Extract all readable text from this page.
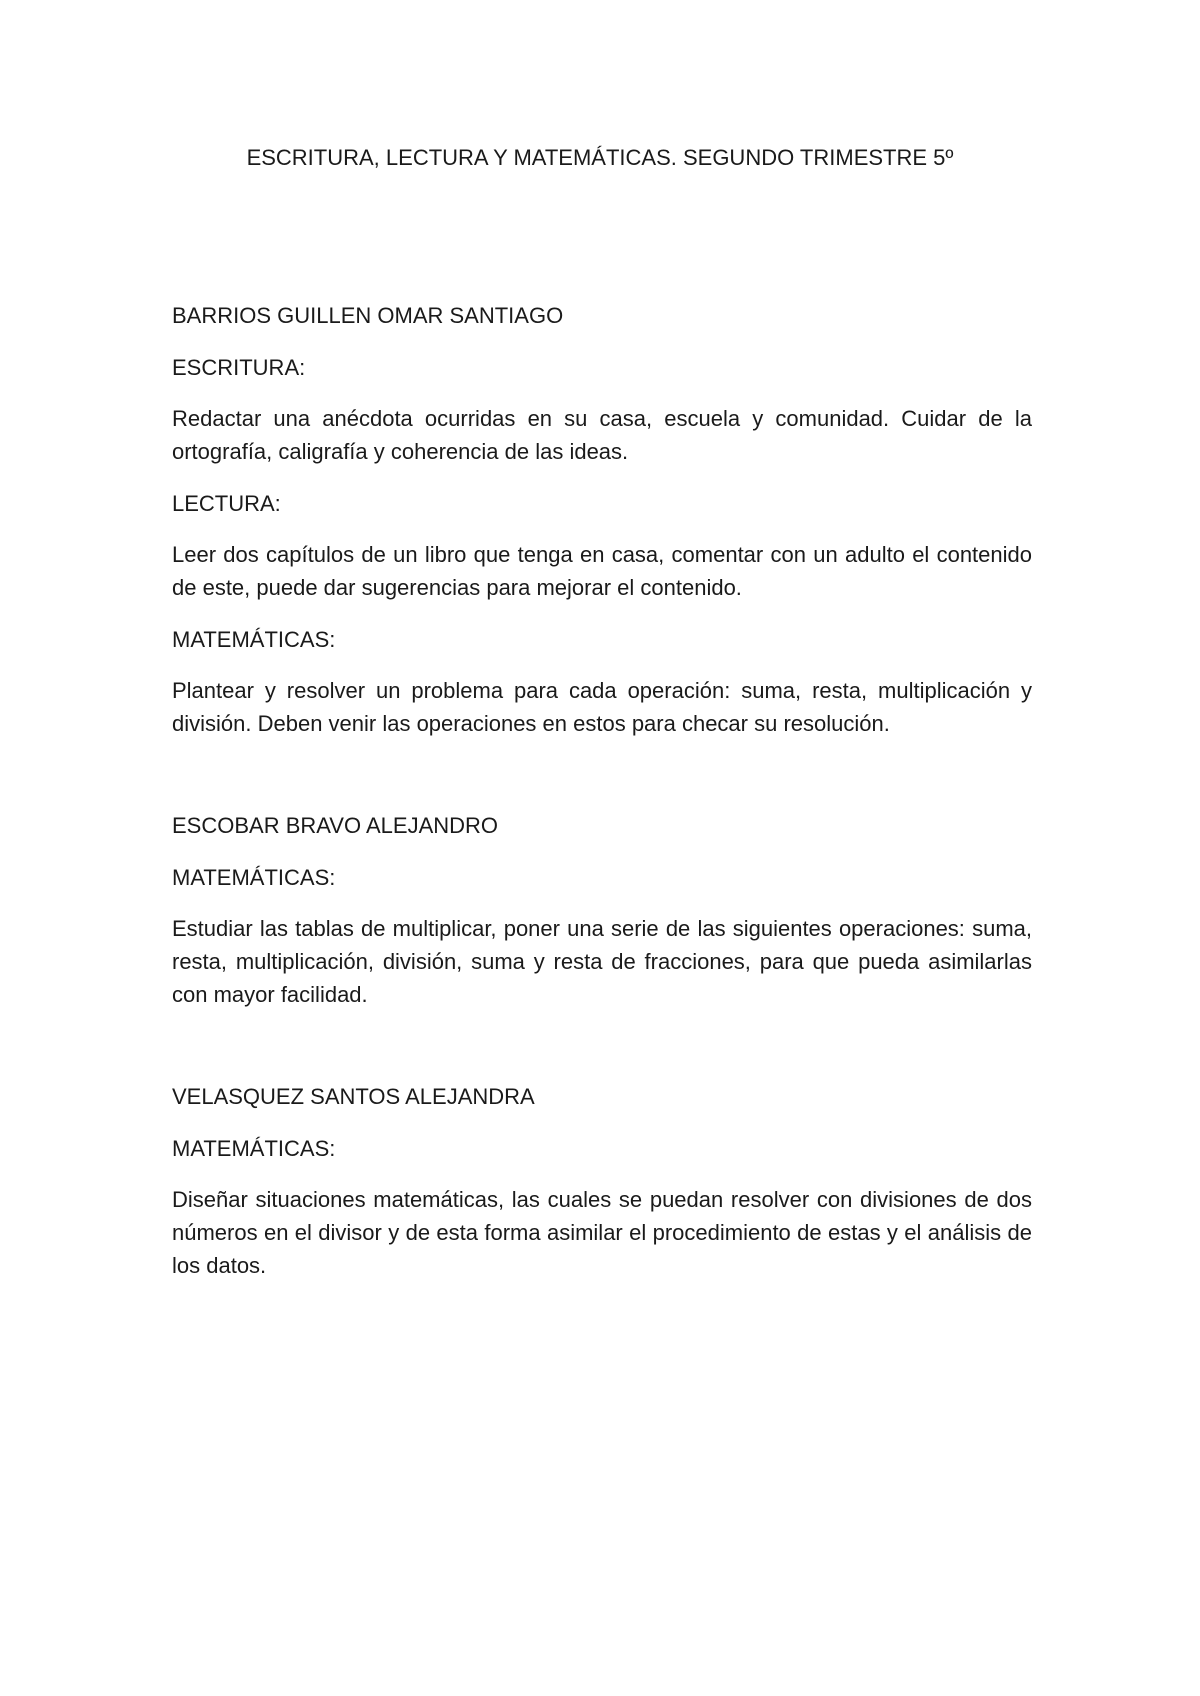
ESCRITURA, LECTURA Y MATEMÁTICAS. SEGUNDO TRIMESTRE 5º
BARRIOS GUILLEN OMAR SANTIAGO
ESCRITURA:

Redactar una anécdota ocurridas en su casa, escuela y comunidad. Cuidar de la ortografía, caligrafía y coherencia de las ideas.

LECTURA:

Leer dos capítulos de un libro que tenga en casa, comentar con un adulto el contenido de este, puede dar sugerencias para mejorar el contenido.

MATEMÁTICAS:

Plantear y resolver un problema para cada operación: suma, resta, multiplicación y división. Deben venir las operaciones en estos para checar su resolución.

ESCOBAR BRAVO ALEJANDRO
MATEMÁTICAS:

Estudiar las tablas de multiplicar, poner una serie de las siguientes operaciones: suma, resta, multiplicación, división, suma y resta de fracciones, para que pueda asimilarlas con mayor facilidad.

VELASQUEZ SANTOS ALEJANDRA
MATEMÁTICAS:

Diseñar situaciones matemáticas, las cuales se puedan resolver con divisiones de dos números en el divisor y de esta forma asimilar el procedimiento de estas y el análisis de los datos.
